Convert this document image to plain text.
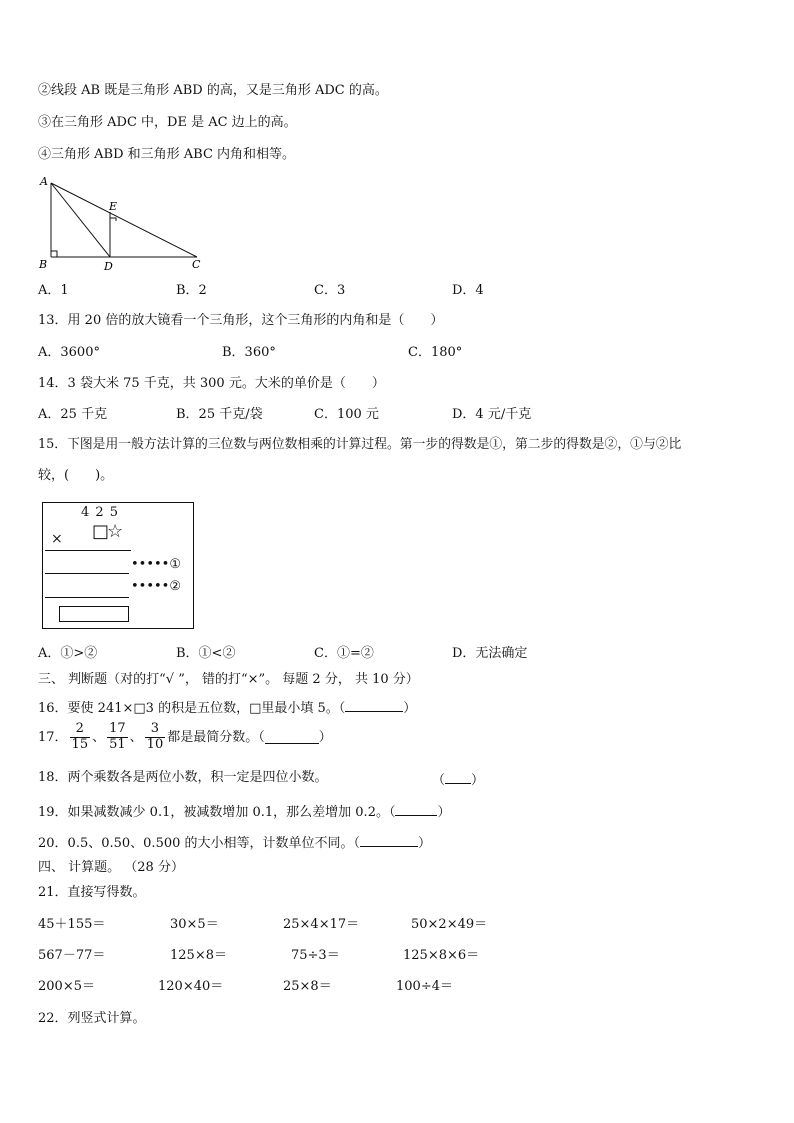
②线段 AB 既是三角形 ABD 的高，又是三角形 ADC 的高。
③在三角形 ADC 中，DE 是 AC 边上的高。
④三角形 ABD 和三角形 ABC 内角和相等。
A
B	D	C
E
A．1	B．2	C．3	D．4
13．用 20 倍的放大镜看一个三角形，这个三角形的内角和是（　　）
A．3600°	B．360°	C．180°
14．3 袋大米 75 千克，共 300 元。大米的单价是（　　）
A．25 千克	B．25 千克/袋	C．100 元	D．4 元/千克
15．下图是用一般方法计算的三位数与两位数相乘的计算过程。第一步的得数是①，第二步的得数是②，①与②比
较，(　　)。
4 2 5
× □☆
•••••①
•••••②
A．①>②	B．①<②	C．①=②	D．无法确定
三、 判断题（对的打“√ ”， 错的打“×”。 每题 2 分， 共 10 分）
16．要使 241×□3 的积是五位数，□里最小填 5。（	）
17． $\frac{2}{15}$ 、 $\frac{17}{51}$ 、 $\frac{3}{10}$ 都是最简分数。（	）
18．两个乘数各是两位小数，积一定是四位小数。	（ ）
19．如果减数减少 0.1，被减数增加 0.1，那么差增加 0.2。（	）
20．0.5、0.50、0.500 的大小相等，计数单位不同。（	）
四、 计算题。 （28 分）
21．直接写得数。
45＋155＝	30×5＝	25×4×17＝	50×2×49＝
567－77＝	125×8＝	75÷3＝	125×8×6＝
200×5＝	120×40＝	25×8＝	100÷4＝
22．列竖式计算。
